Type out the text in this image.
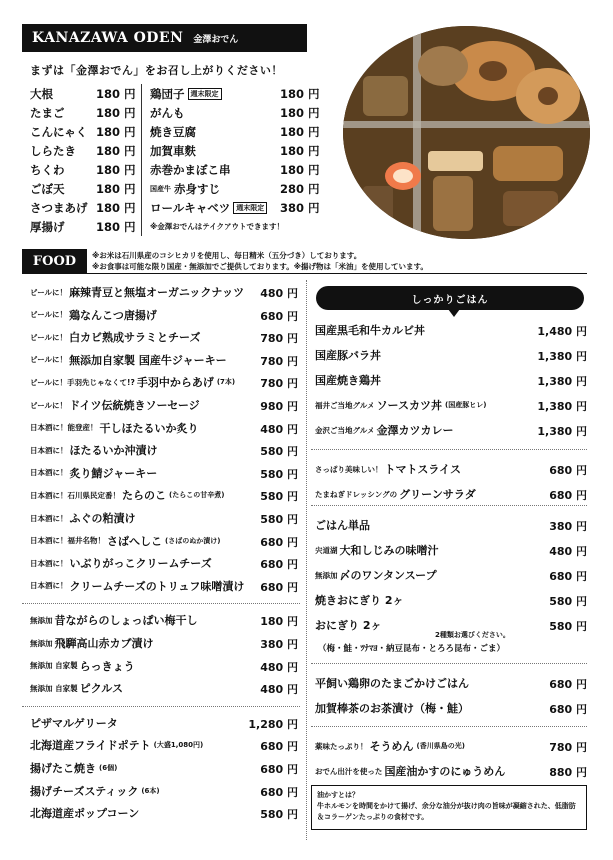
KANAZAWA ODEN 金澤おでん
まずは「金澤おでん」をお召し上がりください！
大根	180 円
たまご	180 円
こんにゃく 180 円
しらたき 180 円
ちくわ	180 円
ごぼ天	180 円
さつまあげ 180 円
厚揚げ	180 円
鶏団子 週末限定	180 円
がんも	180 円
焼き豆腐	180 円
加賀車麩	180 円
赤巻かまぼこ串	180 円
国産牛 赤身すじ	280 円
ロールキャベツ 週末限定 380 円
※金澤おでんはテイクアウトできます！
FOOD	※お米は石川県産のコシヒカリを使用し、毎日精米（五分づき）しております。
※お食事は可能な限り国産・無添加でご提供しております。※揚げ物は「米油」を使用しています。
ビールに！ 麻辣青豆と無塩オーガニックナッツ 480 円
ビールに！ 鶏なんこつ唐揚げ	680 円
ビールに！ 白カビ熟成サラミとチーズ	780 円
ビールに！ 無添加自家製 国産牛ジャーキー	780 円
ビールに！手羽先じゃなくて!? 手羽中からあげ (7本) 780 円
ビールに！ ドイツ伝統焼きソーセージ	980 円
日本酒に！能登産！ 干しほたるいか炙り	480 円
日本酒に！ ほたるいか沖漬け	580 円
日本酒に！ 炙り鯖ジャーキー	580 円
日本酒に！石川県民定番！ たらのこ (たらこの甘辛煮)	580 円
日本酒に！ ふぐの粕漬け	580 円
日本酒に！福井名物！ さばへしこ (さばのぬか漬け)	680 円
日本酒に！ いぶりがっこクリームチーズ	680 円
日本酒に！ クリームチーズのトリュフ味噌漬け 680 円
無添加 昔ながらのしょっぱい梅干し	180 円
無添加 飛騨高山赤カブ漬け	380 円
無添加 自家製 らっきょう	480 円
無添加 自家製 ピクルス	480 円
ピザマルゲリータ	1,280 円
北海道産フライドポテト (大盛1,080円)	680 円
揚げたこ焼き (6個)	680 円
揚げチーズスティック (6本)	680 円
北海道産ポップコーン	580 円
しっかりごはん
国産黒毛和牛カルビ丼	1,480 円
国産豚バラ丼	1,380 円
国産焼き鶏丼	1,380 円
福井ご当地グルメ ソースカツ丼 (国産豚ヒレ)	1,380 円
金沢ご当地グルメ 金澤カツカレー	1,380 円
さっぱり美味しい！ トマトスライス	680 円
たまねぎドレッシングの グリーンサラダ	680 円
ごはん単品	380 円
宍道湖 大和しじみの味噌汁	480 円
無添加 〆のワンタンスープ	680 円
焼きおにぎり 2ヶ	580 円
おにぎり 2ヶ	580 円
平飼い鶏卵のたまごかけごはん	680 円
加賀棒茶のお茶漬け（梅・鮭）	680 円
薬味たっぷり！ そうめん (香川県島の光)	780 円
おでん出汁を使った 国産油かすのにゅうめん	880 円
2種類お選びください。
（梅・鮭・ﾂﾅﾏﾖ・納豆昆布・とろろ昆布・ごま）
油かすとは？
牛ホルモンを時間をかけて揚げ、余分な油分が抜け肉の旨味が凝縮された、低脂肪＆コラーゲンたっぷりの食材です。
